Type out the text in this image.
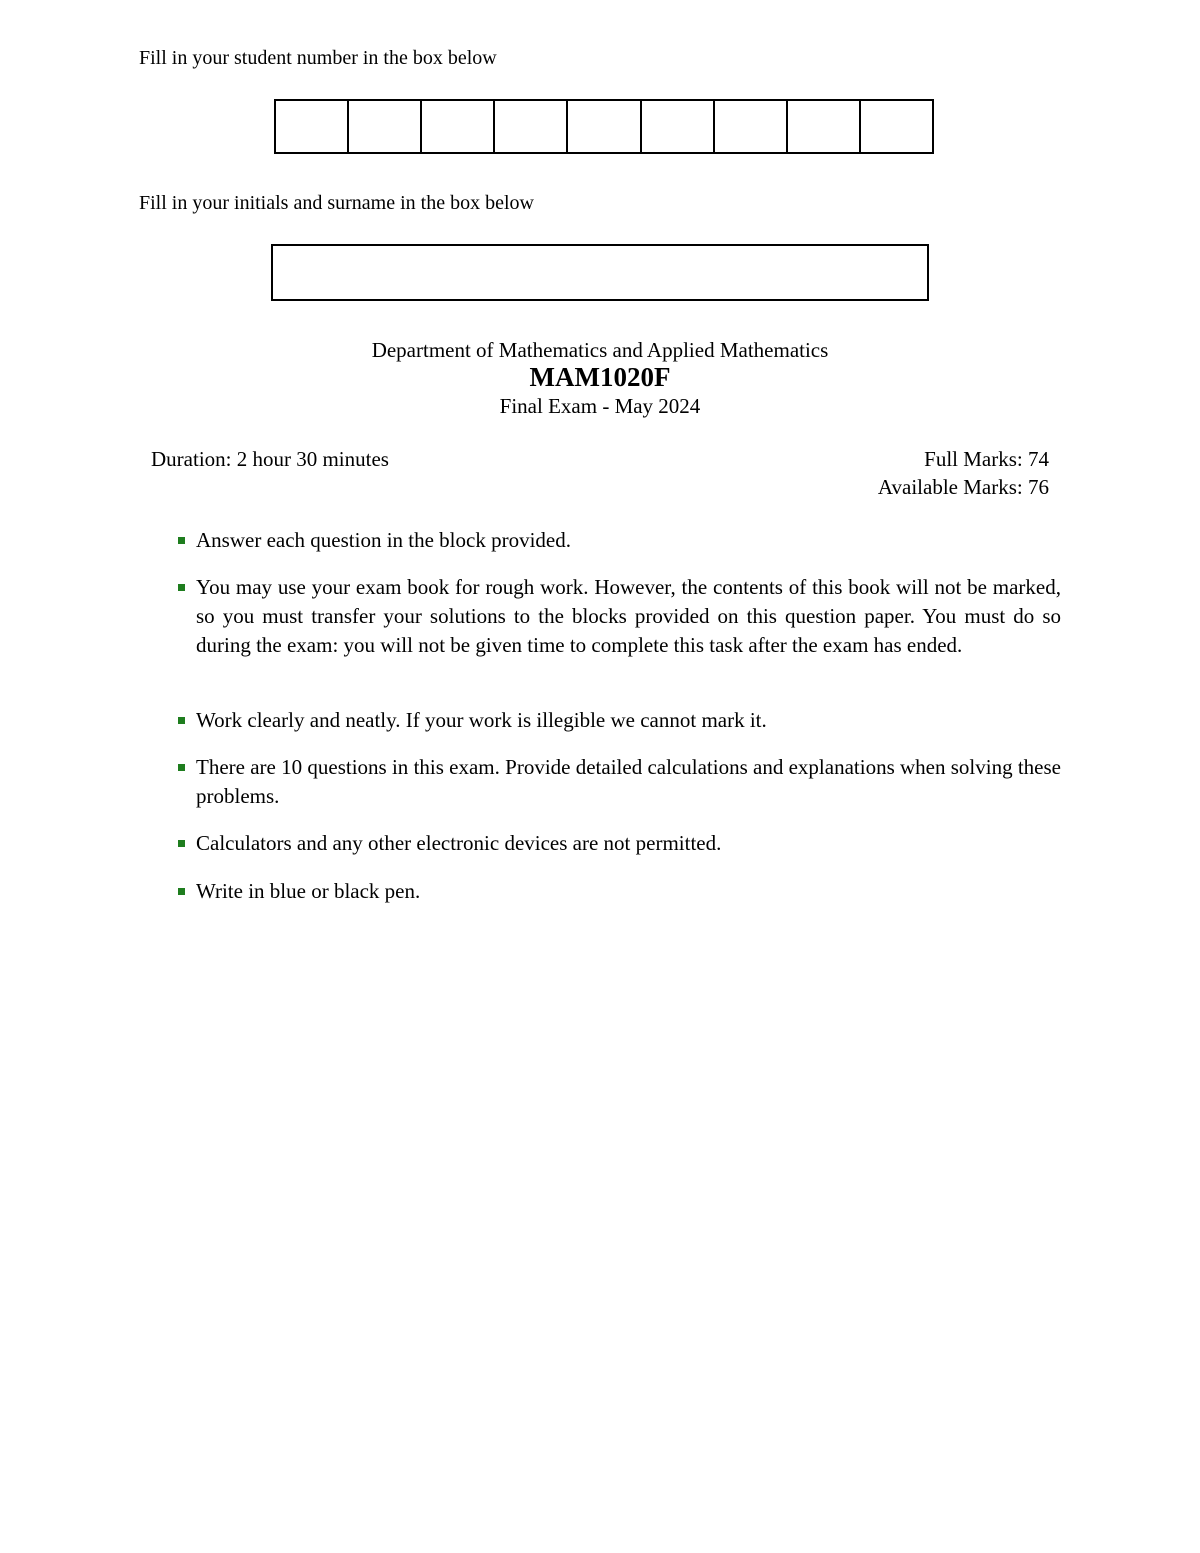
Fill in your student number in the box below
Fill in your initials and surname in the box below
Department of Mathematics and Applied Mathematics
MAM1020F
Final Exam - May 2024
Duration: 2 hour 30 minutes	Full Marks: 74
Available Marks: 76
Answer each question in the block provided.
You may use your exam book for rough work. However, the contents of this book will not be marked, so you must transfer your solutions to the blocks provided on this question paper. You must do so during the exam: you will not be given time to complete this task after the exam has ended.
Work clearly and neatly. If your work is illegible we cannot mark it.
There are 10 questions in this exam. Provide detailed calculations and explanations when solving these problems.
Calculators and any other electronic devices are not permitted.
Write in blue or black pen.
